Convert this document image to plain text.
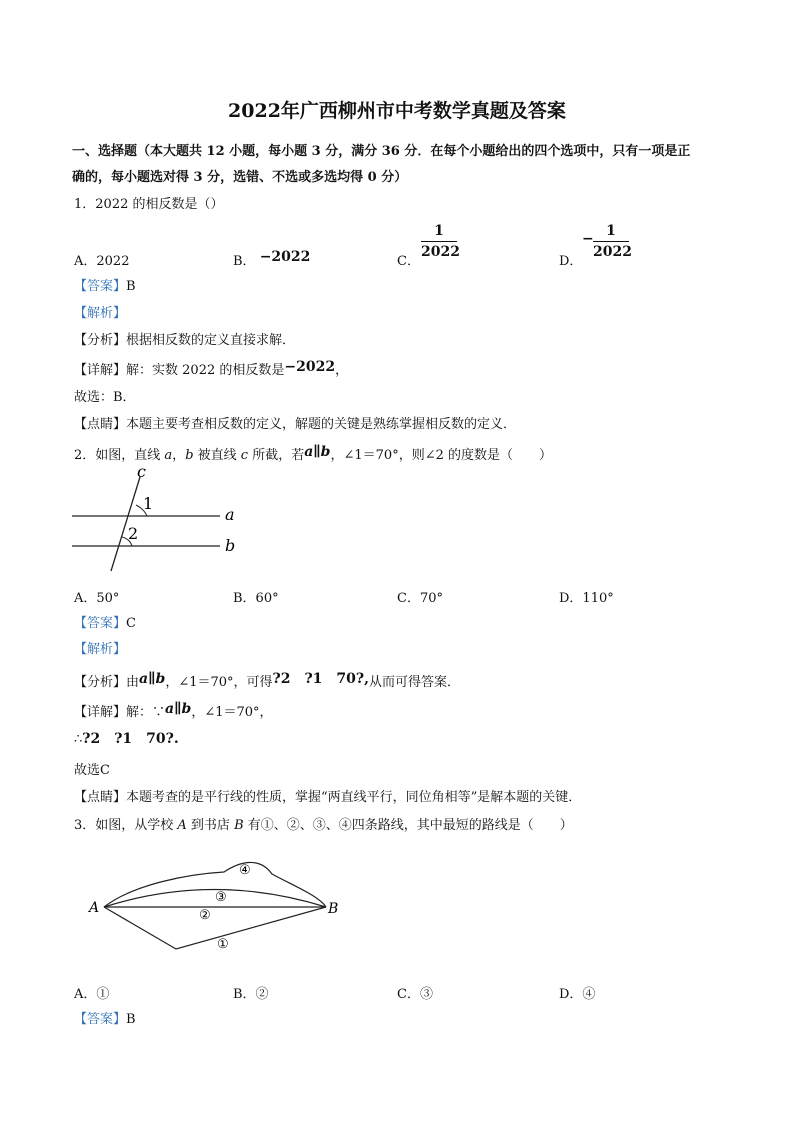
2022年广西柳州市中考数学真题及答案
一、选择题（本大题共 12 小题，每小题 3 分，满分 36 分．在每个小题给出的四个选项中，只有一项是正
确的，每小题选对得 3 分，选错、不选或多选均得 0 分）
1．2022 的相反数是（）
A．2022	B． −2022	C．
1
2022
D．
− 1
2022
【答案】B
【解析】
【分析】根据相反数的定义直接求解．
【详解】解：实数 2022 的相反数是−2022，
故选：B．
【点睛】本题主要考查相反数的定义，解题的关键是熟练掌握相反数的定义．
2．如图，直线 a，b 被直线 c 所截，若a∥b，∠1＝70°，则∠2 的度数是（　　）
c
1
2
a
b
A．50°	B．60°	C．70°	D．110°
【答案】C
【解析】
【分析】由a∥b，∠1＝70°，可得?2　?1　70?,从而可得答案．
【详解】解：∵a∥b，∠1＝70°，
∴?2　?1　70?.
故选C
【点睛】本题考查的是平行线的性质，掌握“两直线平行，同位角相等”是解本题的关键．
3．如图，从学校 A 到书店 B 有①、②、③、④四条路线，其中最短的路线是（　　）
A	B
④
③
②
①
A．①	B．②	C．③	D．④
【答案】B
